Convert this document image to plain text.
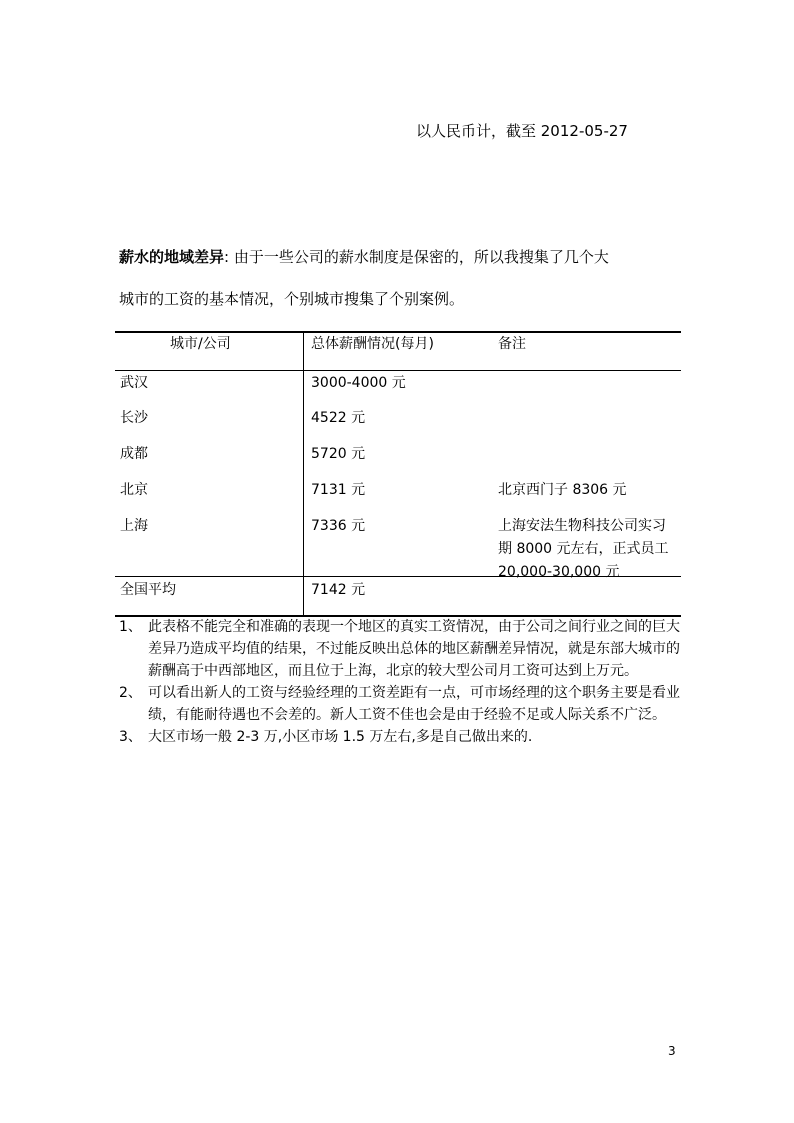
以人民币计，截至 2012-05-27
薪水的地域差异: 由于一些公司的薪水制度是保密的，所以我搜集了几个大
城市的工资的基本情况，个别城市搜集了个别案例。
城市/公司	总体薪酬情况(每月)	备注
武汉	3000-4000 元
长沙	4522 元
成都	5720 元
北京	7131 元	北京西门子 8306 元
上海	7336 元	上海安法生物科技公司实习期 8000 元左右，正式员工 20,000-30,000 元
全国平均	7142 元

1、 此表格不能完全和准确的表现一个地区的真实工资情况，由于公司之间行业之间的巨大差异乃造成平均值的结果，不过能反映出总体的地区薪酬差异情况，就是东部大城市的薪酬高于中西部地区，而且位于上海，北京的较大型公司月工资可达到上万元。

2、 可以看出新人的工资与经验经理的工资差距有一点，可市场经理的这个职务主要是看业绩，有能耐待遇也不会差的。新人工资不佳也会是由于经验不足或人际关系不广泛。

3、 大区市场一般 2-3 万,小区市场 1.5 万左右,多是自己做出来的.

3
